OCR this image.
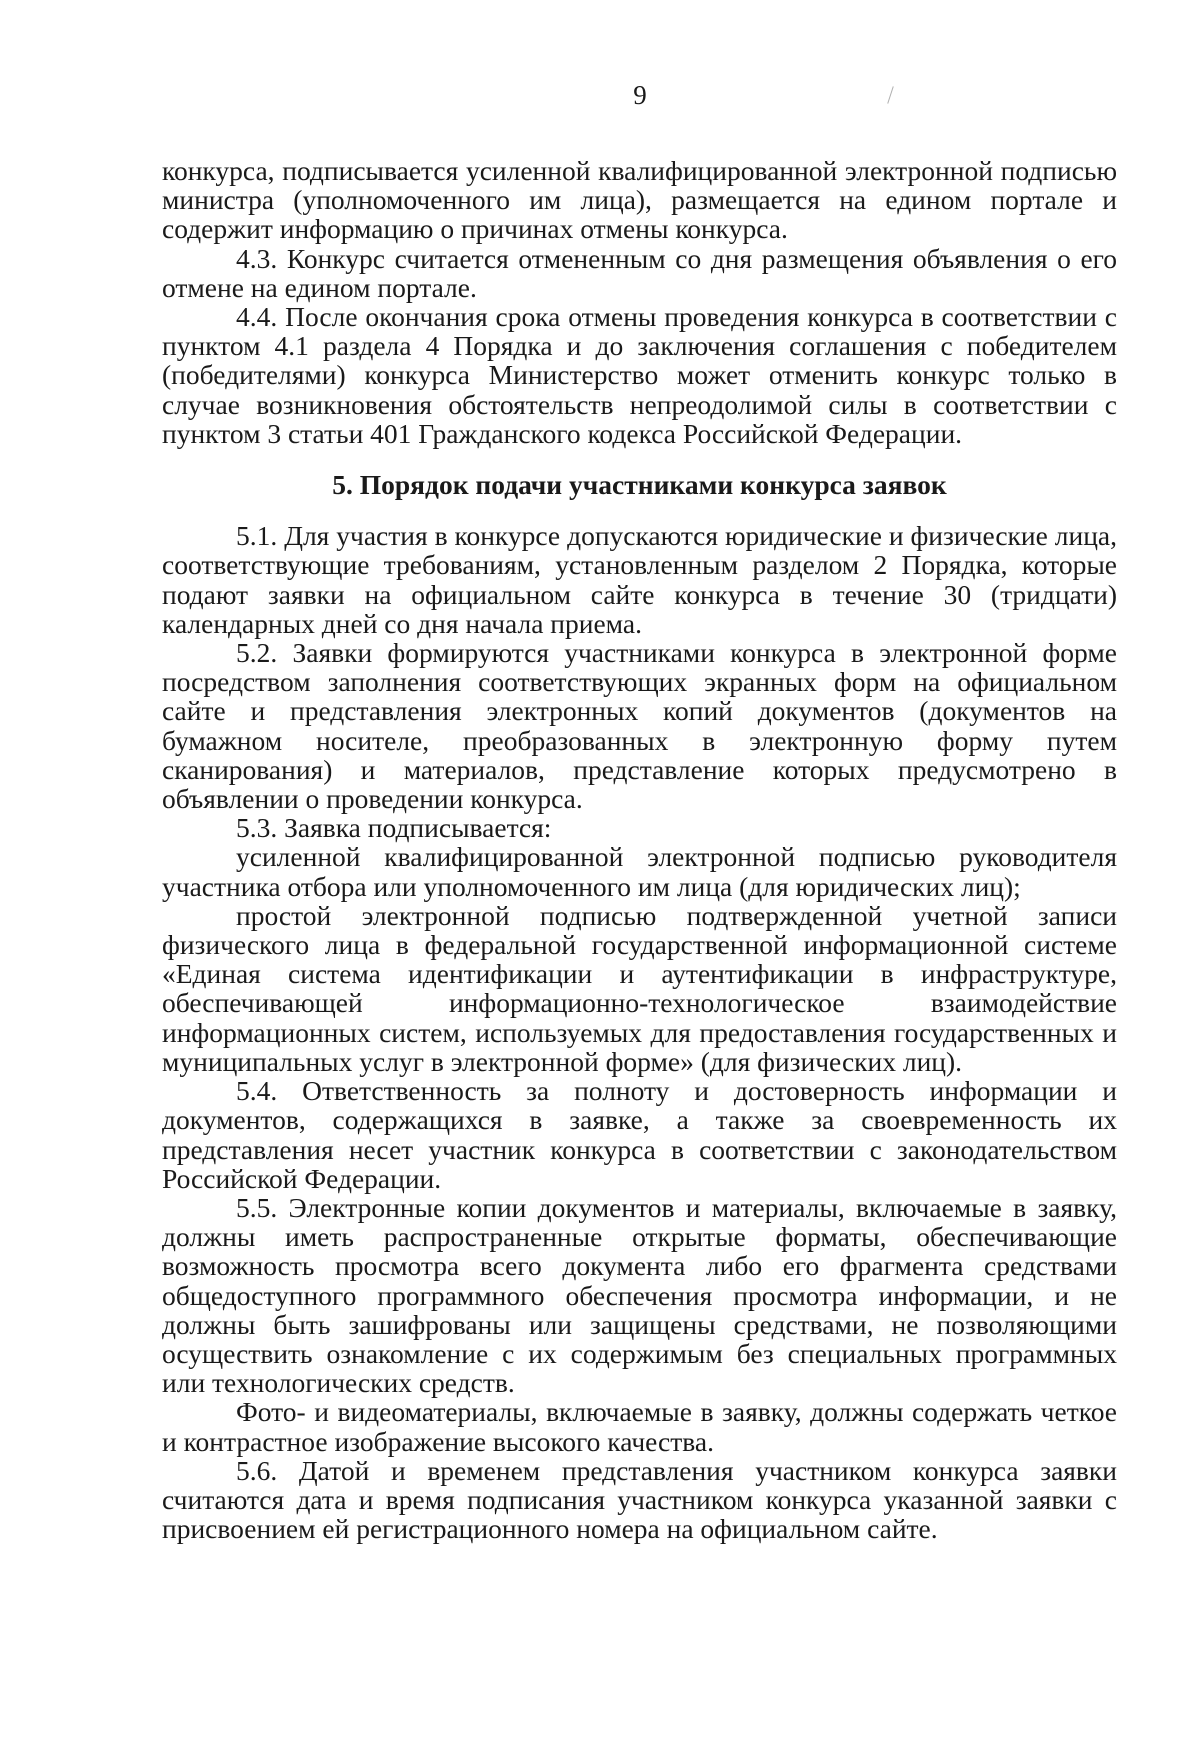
9

конкурса, подписывается усиленной квалифицированной электронной подписью министра (уполномоченного им лица), размещается на едином портале и содержит информацию о причинах отмены конкурса.

4.3. Конкурс считается отмененным со дня размещения объявления о его отмене на едином портале.

4.4. После окончания срока отмены проведения конкурса в соответствии с пунктом 4.1 раздела 4 Порядка и до заключения соглашения с победителем (победителями) конкурса Министерство может отменить конкурс только в случае возникновения обстоятельств непреодолимой силы в соответствии с пунктом 3 статьи 401 Гражданского кодекса Российской Федерации.

5. Порядок подачи участниками конкурса заявок

5.1. Для участия в конкурсе допускаются юридические и физические лица, соответствующие требованиям, установленным разделом 2 Порядка, которые подают заявки на официальном сайте конкурса в течение 30 (тридцати) календарных дней со дня начала приема.

5.2. Заявки формируются участниками конкурса в электронной форме посредством заполнения соответствующих экранных форм на официальном сайте и представления электронных копий документов (документов на бумажном носителе, преобразованных в электронную форму путем сканирования) и материалов, представление которых предусмотрено в объявлении о проведении конкурса.

5.3. Заявка подписывается:

усиленной квалифицированной электронной подписью руководителя участника отбора или уполномоченного им лица (для юридических лиц);

простой электронной подписью подтвержденной учетной записи физического лица в федеральной государственной информационной системе «Единая система идентификации и аутентификации в инфраструктуре, обеспечивающей информационно-технологическое взаимодействие информационных систем, используемых для предоставления государственных и муниципальных услуг в электронной форме» (для физических лиц).

5.4. Ответственность за полноту и достоверность информации и документов, содержащихся в заявке, а также за своевременность их представления несет участник конкурса в соответствии с законодательством Российской Федерации.

5.5. Электронные копии документов и материалы, включаемые в заявку, должны иметь распространенные открытые форматы, обеспечивающие возможность просмотра всего документа либо его фрагмента средствами общедоступного программного обеспечения просмотра информации, и не должны быть зашифрованы или защищены средствами, не позволяющими осуществить ознакомление с их содержимым без специальных программных или технологических средств.

Фото- и видеоматериалы, включаемые в заявку, должны содержать четкое и контрастное изображение высокого качества.

5.6. Датой и временем представления участником конкурса заявки считаются дата и время подписания участником конкурса указанной заявки с присвоением ей регистрационного номера на официальном сайте.
